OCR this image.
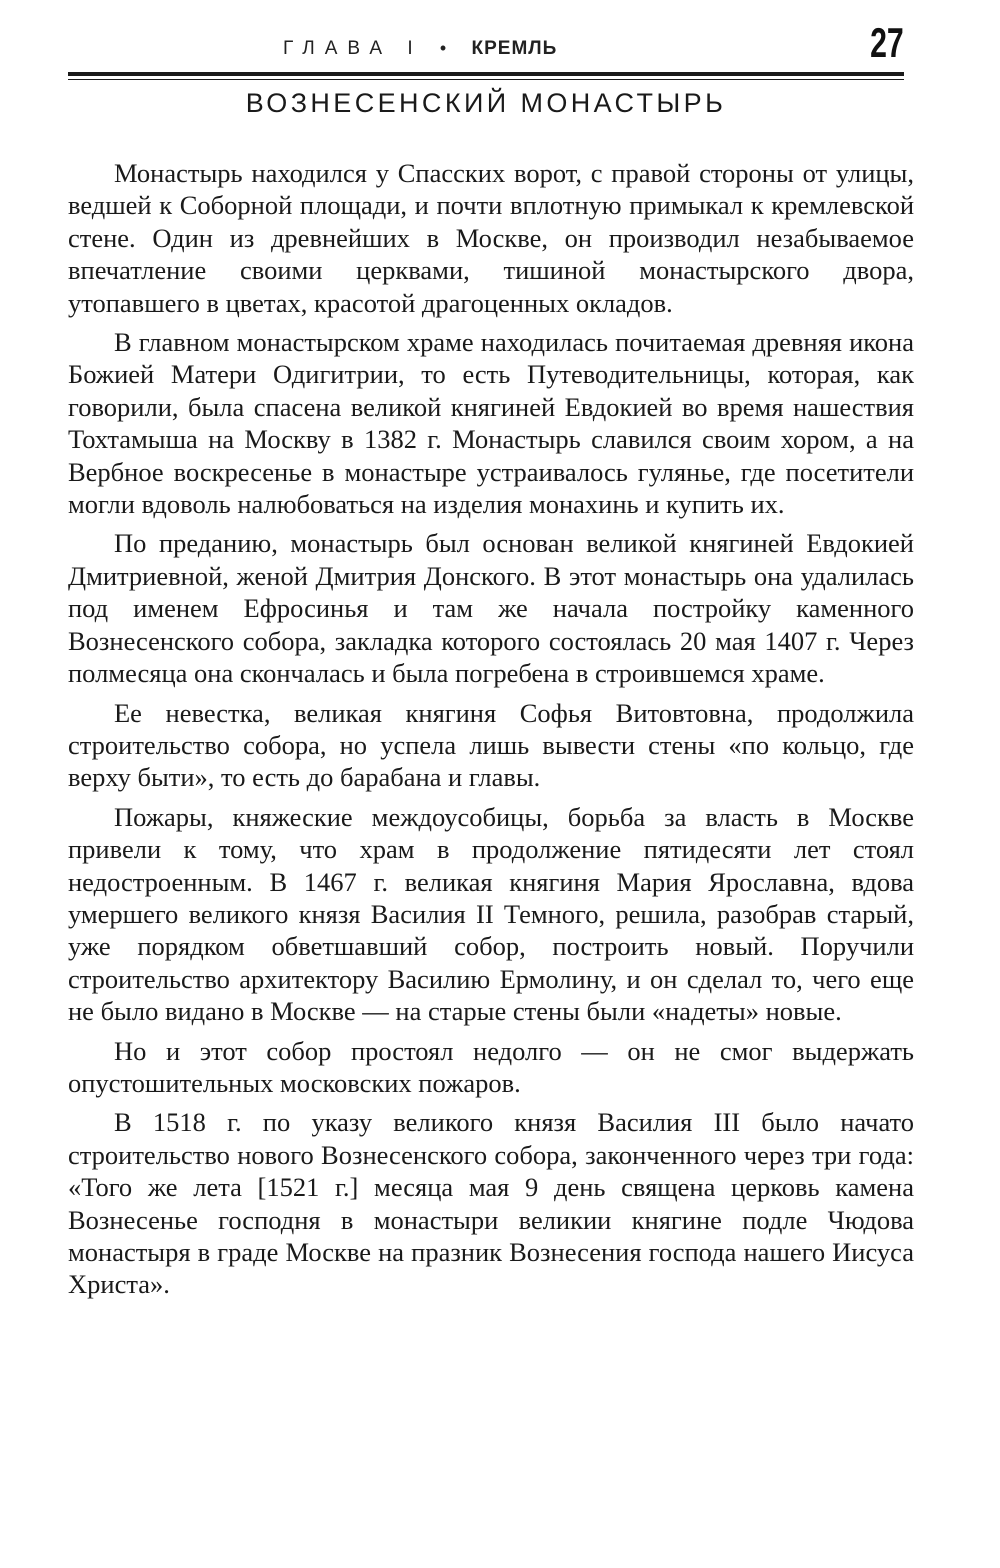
ГЛАВА I • КРЕМЛЬ	27
ВОЗНЕСЕНСКИЙ МОНАСТЫРЬ

Монастырь находился у Спасских ворот, с правой стороны от улицы, ведшей к Соборной площади, и почти вплотную примыкал к кремлевской стене. Один из древнейших в Москве, он производил незабываемое впечатление своими церквами, тишиной монастырского двора, утопавшего в цветах, красотой драгоценных окладов.

В главном монастырском храме находилась почитаемая древняя икона Божией Матери Одигитрии, то есть Путеводительницы, которая, как говорили, была спасена великой княгиней Евдокией во время нашествия Тохтамыша на Москву в 1382 г. Монастырь славился своим хором, а на Вербное воскресенье в монастыре устраивалось гулянье, где посетители могли вдоволь налюбоваться на изделия монахинь и купить их.

По преданию, монастырь был основан великой княгиней Евдокией Дмитриевной, женой Дмитрия Донского. В этот монастырь она удалилась под именем Ефросинья и там же начала постройку каменного Вознесенского собора, закладка которого состоялась 20 мая 1407 г. Через полмесяца она скончалась и была погребена в строившемся храме.

Ее невестка, великая княгиня Софья Витовтовна, продолжила строительство собора, но успела лишь вывести стены «по кольцо, где верху быти», то есть до барабана и главы.

Пожары, княжеские междоусобицы, борьба за власть в Москве привели к тому, что храм в продолжение пятидесяти лет стоял недостроенным. В 1467 г. великая княгиня Мария Ярославна, вдова умершего великого князя Василия II Темного, решила, разобрав старый, уже порядком обветшавший собор, построить новый. Поручили строительство архитектору Василию Ермолину, и он сделал то, чего еще не было видано в Москве — на старые стены были «надеты» новые.

Но и этот собор простоял недолго — он не смог выдержать опустошительных московских пожаров.

В 1518 г. по указу великого князя Василия III было начато строительство нового Вознесенского собора, законченного через три года: «Того же лета [1521 г.] месяца мая 9 день священа церковь камена Вознесенье господня в монастыри великии княгине подле Чюдова монастыря в граде Москве на празник Вознесения господа нашего Иисуса Христа».
